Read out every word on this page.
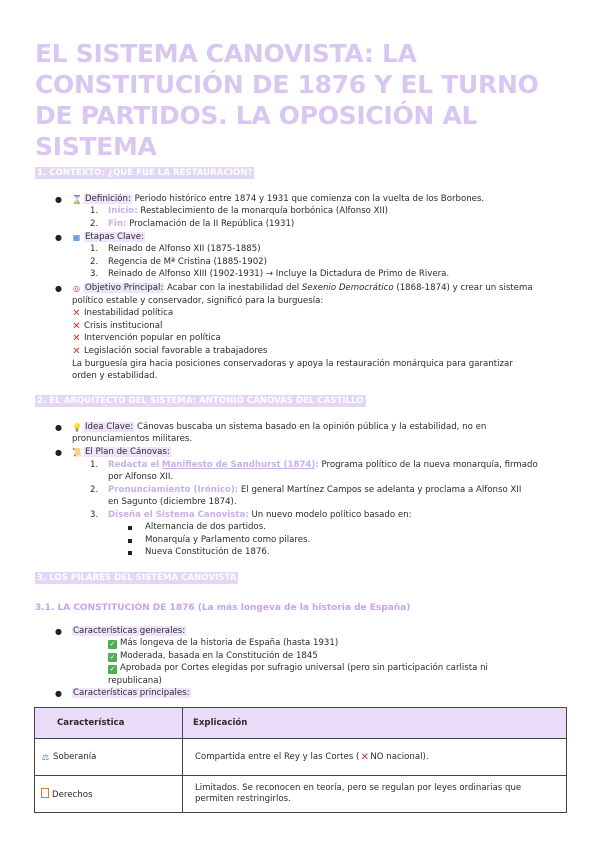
EL SISTEMA CANOVISTA: LA CONSTITUCIÓN DE 1876 Y EL TURNO DE PARTIDOS. LA OPOSICIÓN AL SISTEMA
1. CONTEXTO: ¿QUÉ FUE LA RESTAURACIÓN?
● ⌛ Definición: Periodo histórico entre 1874 y 1931 que comienza con la vuelta de los Borbones.
1. Inicio: Restablecimiento de la monarquía borbónica (Alfonso XII)
2. Fin: Proclamación de la II República (1931)
● ▦ Etapas Clave:
1. Reinado de Alfonso XII (1875-1885)
2. Regencia de Mª Cristina (1885-1902)
3. Reinado de Alfonso XIII (1902-1931) → Incluye la Dictadura de Primo de Rivera.
● ◎ Objetivo Principal: Acabar con la inestabilidad del Sexenio Democrático (1868-1874) y crear un sistema
político estable y conservador, significó para la burguesía:
✕ Inestabilidad política
✕ Crisis institucional
✕ Intervención popular en política
✕ Legislación social favorable a trabajadores
La burguesía gira hacia posiciones conservadoras y apoya la restauración monárquica para garantizar
orden y estabilidad.
2. EL ARQUITECTO DEL SISTEMA: ANTONIO CÁNOVAS DEL CASTILLO
● 💡 Idea Clave: Cánovas buscaba un sistema basado en la opinión pública y la estabilidad, no en
pronunciamientos militares.
● 📜 El Plan de Cánovas:
1. Redacta el Manifiesto de Sandhurst (1874): Programa político de la nueva monarquía, firmado
por Alfonso XII.
2. Pronunciamiento (Irónico): El general Martínez Campos se adelanta y proclama a Alfonso XII
en Sagunto (diciembre 1874).
3. Diseña el Sistema Canovista: Un nuevo modelo político basado en:
Alternancia de dos partidos.
Monarquía y Parlamento como pilares.
Nueva Constitución de 1876.
3. LOS PILARES DEL SISTEMA CANOVISTA
3.1. LA CONSTITUCIÓN DE 1876 (La más longeva de la historia de España)
● Características generales:
✓ Más longeva de la historia de España (hasta 1931)
✓ Moderada, basada en la Constitución de 1845
✓ Aprobada por Cortes elegidas por sufragio universal (pero sin participación carlista ni
republicana)
● Características principales:
Característica	Explicación
⚖ Soberanía	Compartida entre el Rey y las Cortes (✕NO nacional).
Derechos	Limitados. Se reconocen en teoría, pero se regulan por leyes ordinarias que
permiten restringirlos.
